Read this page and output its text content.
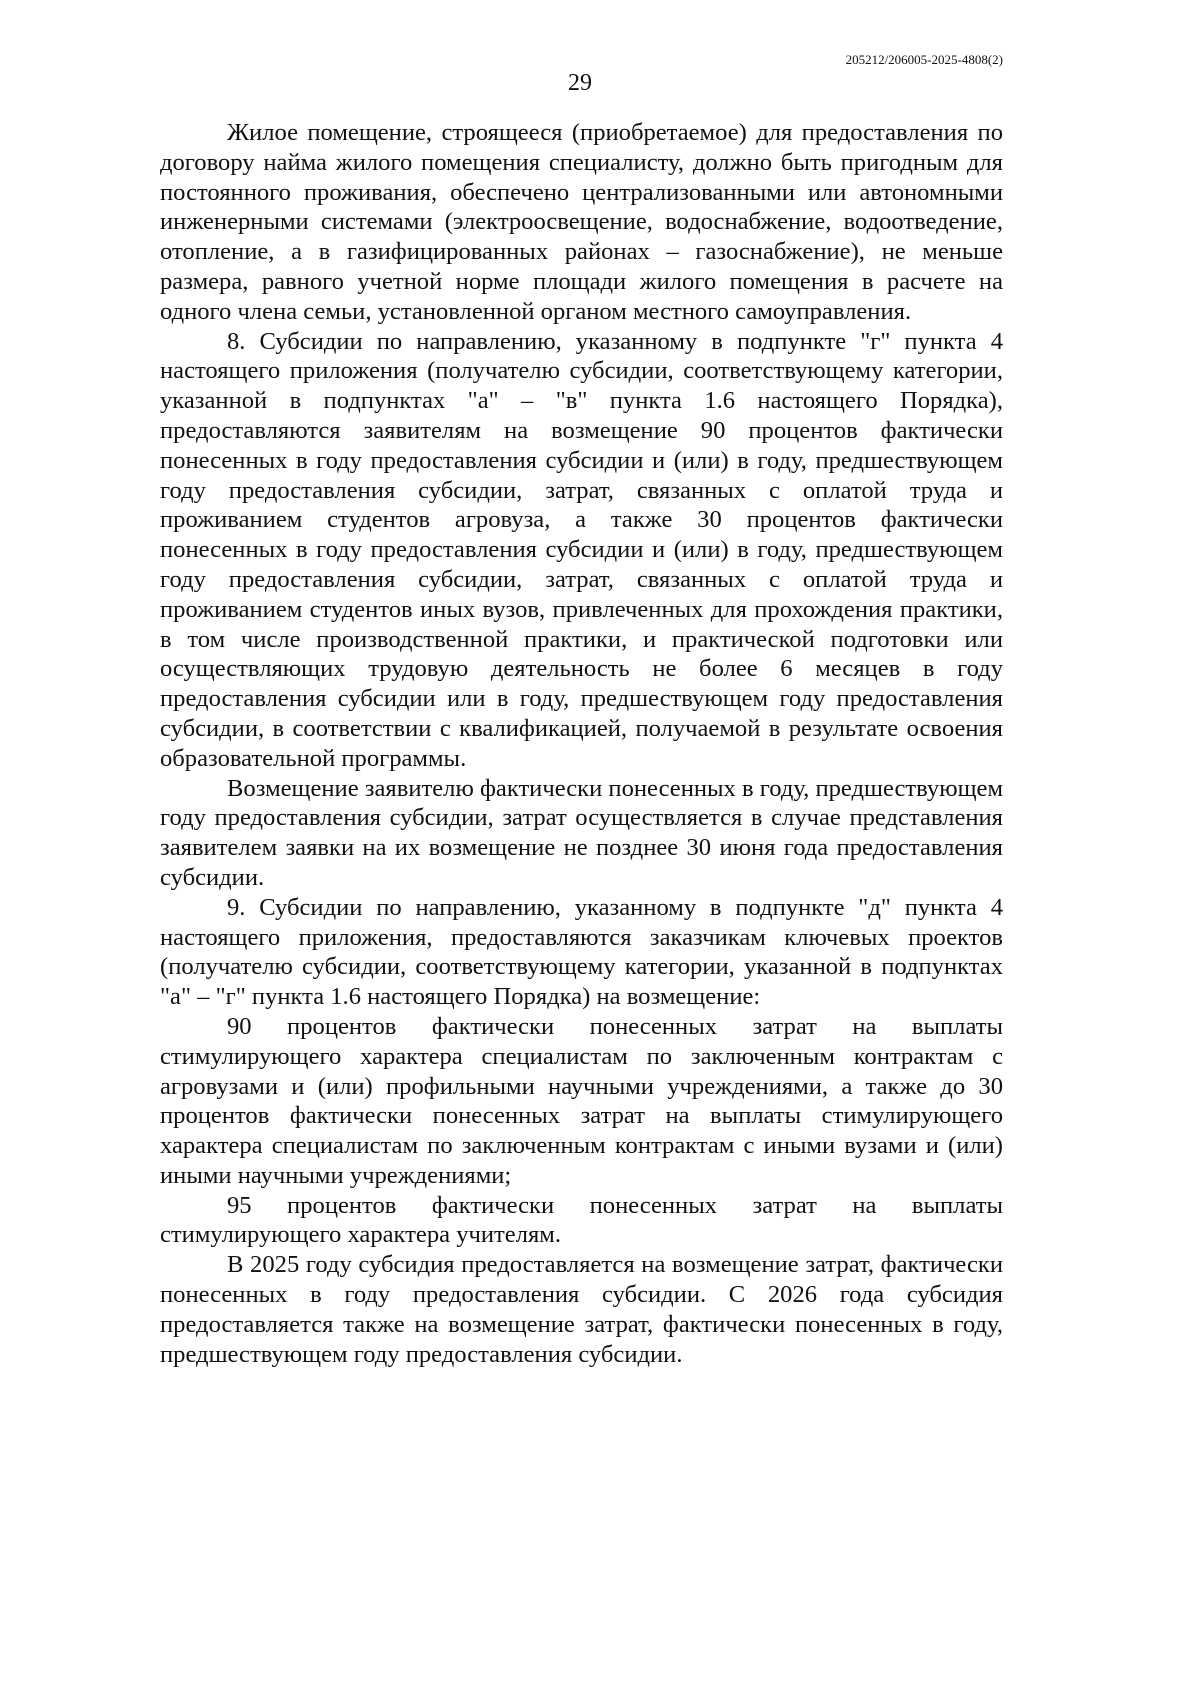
205212/206005-2025-4808(2)
29

Жилое помещение, строящееся (приобретаемое) для предоставления по договору найма жилого помещения специалисту, должно быть пригодным для постоянного проживания, обеспечено централизованными или автономными инженерными системами (электроосвещение, водоснабжение, водоотведение, отопление, а в газифицированных районах – газоснабжение), не меньше размера, равного учетной норме площади жилого помещения в расчете на одного члена семьи, установленной органом местного самоуправления.

8. Субсидии по направлению, указанному в подпункте "г" пункта 4 настоящего приложения (получателю субсидии, соответствующему категории, указанной в подпунктах "а" – "в" пункта 1.6 настоящего Порядка), предоставляются заявителям на возмещение 90 процентов фактически понесенных в году предоставления субсидии и (или) в году, предшествующем году предоставления субсидии, затрат, связанных с оплатой труда и проживанием студентов агровуза, а также 30 процентов фактически понесенных в году предоставления субсидии и (или) в году, предшествующем году предоставления субсидии, затрат, связанных с оплатой труда и проживанием студентов иных вузов, привлеченных для прохождения практики, в том числе производственной практики, и практической подготовки или осуществляющих трудовую деятельность не более 6 месяцев в году предоставления субсидии или в году, предшествующем году предоставления субсидии, в соответствии с квалификацией, получаемой в результате освоения образовательной программы.

Возмещение заявителю фактически понесенных в году, предшествующем году предоставления субсидии, затрат осуществляется в случае представления заявителем заявки на их возмещение не позднее 30 июня года предоставления субсидии.

9. Субсидии по направлению, указанному в подпункте "д" пункта 4 настоящего приложения, предоставляются заказчикам ключевых проектов (получателю субсидии, соответствующему категории, указанной в подпунктах "а" – "г" пункта 1.6 настоящего Порядка) на возмещение:

90 процентов фактически понесенных затрат на выплаты стимулирующего характера специалистам по заключенным контрактам с агровузами и (или) профильными научными учреждениями, а также до 30 процентов фактически понесенных затрат на выплаты стимулирующего характера специалистам по заключенным контрактам с иными вузами и (или) иными научными учреждениями;

95 процентов фактически понесенных затрат на выплаты стимулирующего характера учителям.

В 2025 году субсидия предоставляется на возмещение затрат, фактически понесенных в году предоставления субсидии. С 2026 года субсидия предоставляется также на возмещение затрат, фактически понесенных в году, предшествующем году предоставления субсидии.
